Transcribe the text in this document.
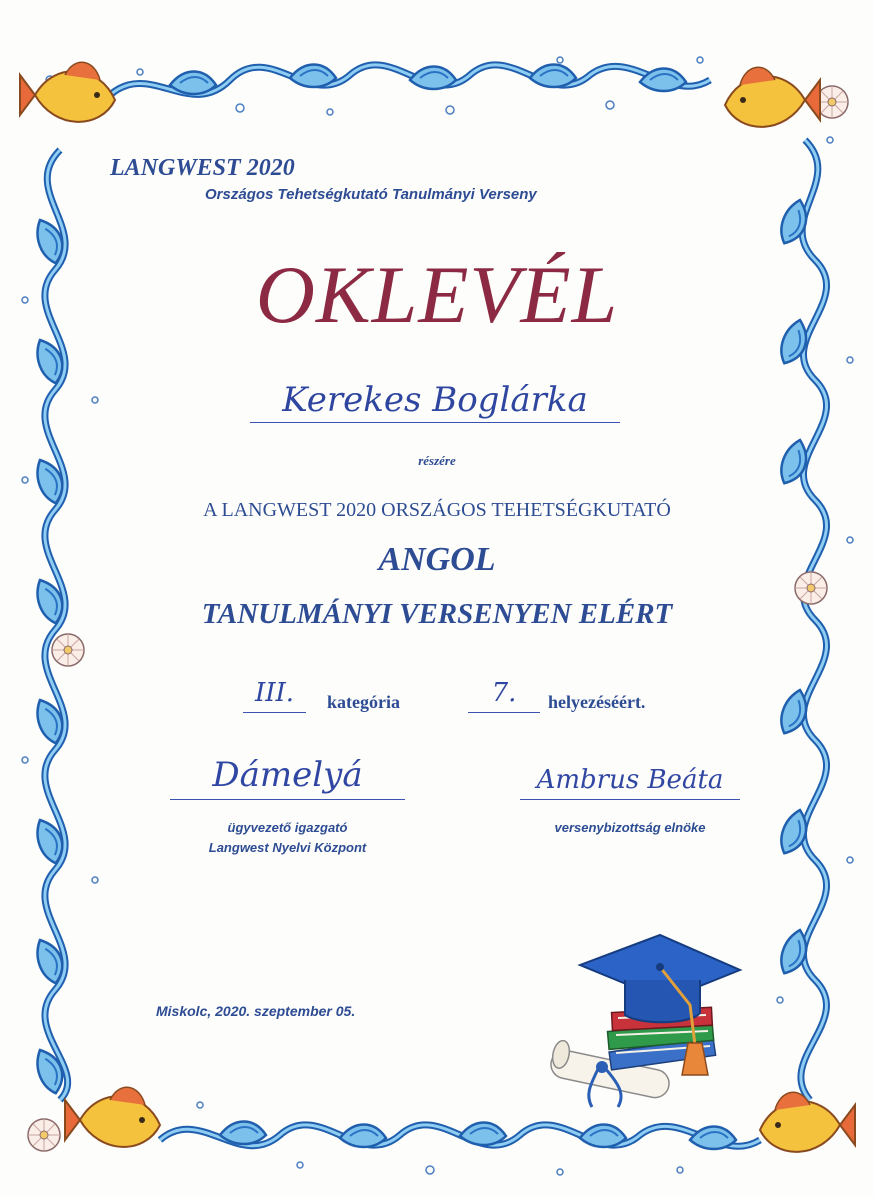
LANGWEST 2020
Országos Tehetségkutató Tanulmányi Verseny
OKLEVÉL
Kerekes Boglárka
részére
A LANGWEST 2020 ORSZÁGOS TEHETSÉGKUTATÓ
ANGOL
TANULMÁNYI VERSENYEN ELÉRT
III.	kategória	7.	helyezéséért.
Dámelyá
ügyvezető igazgató
Langwest Nyelvi Központ
Ambrus Beáta
versenybizottság elnöke
Miskolc, 2020. szeptember 05.
